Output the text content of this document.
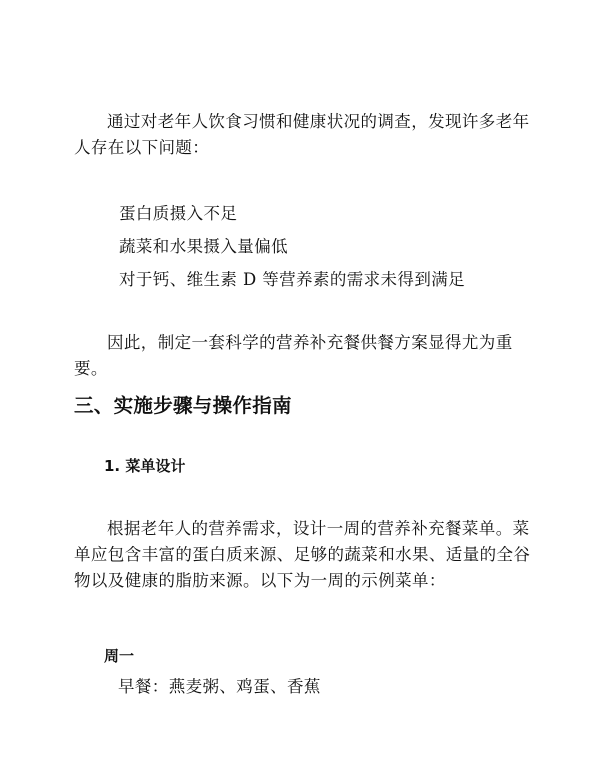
通过对老年人饮食习惯和健康状况的调查，发现许多老年人存在以下问题：

蛋白质摄入不足

蔬菜和水果摄入量偏低

对于钙、维生素 D 等营养素的需求未得到满足

因此，制定一套科学的营养补充餐供餐方案显得尤为重要。

三、实施步骤与操作指南
1. 菜单设计

根据老年人的营养需求，设计一周的营养补充餐菜单。菜单应包含丰富的蛋白质来源、足够的蔬菜和水果、适量的全谷物以及健康的脂肪来源。以下为一周的示例菜单：

周一

早餐：燕麦粥、鸡蛋、香蕉
